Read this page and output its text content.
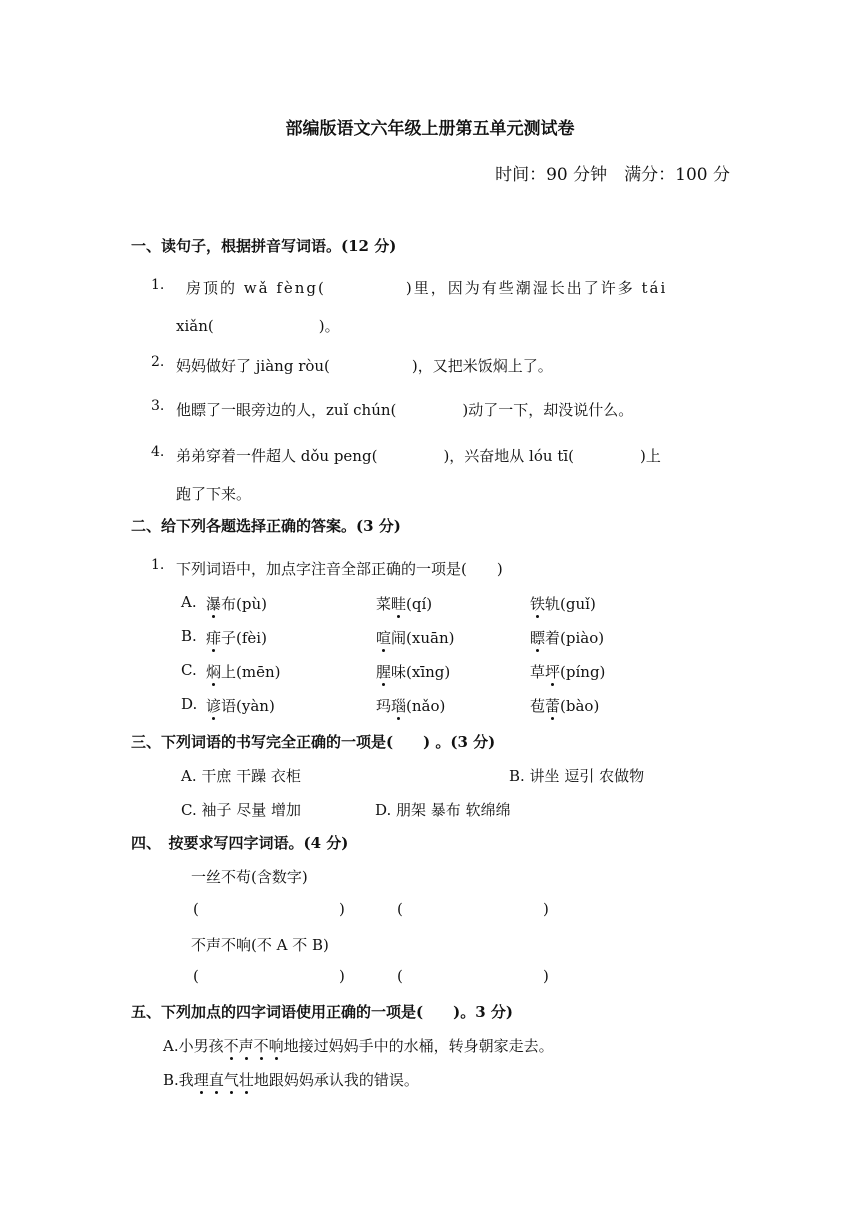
部编版语文六年级上册第五单元测试卷
时间：90 分钟　满分：100 分
一、读句子，根据拼音写词语。(12 分)
1. 房顶的 wǎ fèng(	)里，因为有些潮湿长出了许多 tái
xiǎn(	)。
2. 妈妈做好了 jiàng ròu(	)，又把米饭焖上了。
3. 他瞟了一眼旁边的人，zuǐ chún(	)动了一下，却没说什么。
4. 弟弟穿着一件超人 dǒu peng(	)，兴奋地从 lóu tī(	)上
跑了下来。
二、给下列各题选择正确的答案。(3 分)
1. 下列词语中，加点字注音全部正确的一项是(　　)
A. 瀑布(pù)	菜畦(qí)	铁轨(guǐ)
B. 痱子(fèi)	喧闹(xuān)	瞟着(piào)
C. 焖上(mēn)	腥味(xīng)	草坪(píng)
D. 谚语(yàn)	玛瑙(nǎo)	苞蕾(bào)
三、下列词语的书写完全正确的一项是(　　) 。(3 分)
A. 干庶 干躁 衣柜	B. 讲坐 逗引 农做物
C. 袖子 尽量 增加	D. 朋架 暴布 软绵绵
四、　按要求写四字词语。(4 分)
一丝不苟(含数字)
(	)	(	)
不声不响(不 A 不 B)
(	)	(	)
五、下列加点的四字词语使用正确的一项是(　　)。3 分)
A.小男孩不声不响地接过妈妈手中的水桶，转身朝家走去。
B.我理直气壮地跟妈妈承认我的错误。
